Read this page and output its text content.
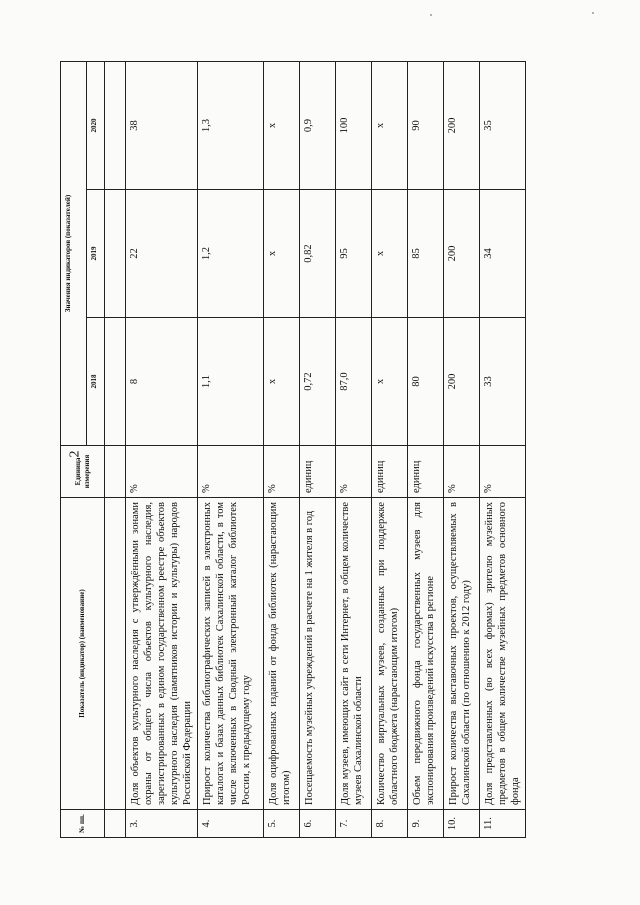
2
№ пп.	Показатель (индикатор) (наименование)	Единица измерения	Значения индикаторов (показателей)		
			2018	2019	2020

3.	Доля объектов культурного наследия с утверждёнными зонами охраны от общего числа объектов культурного наследия, зарегистрированных в едином государственном реестре объектов культурного наследия (памятников истории и культуры) народов Российской Федерации	%	8	22	38
4.	Прирост количества библиографических записей в электронных каталогах и базах данных библиотек Сахалинской области, в том числе включенных в Сводный электронный каталог библиотек России, к предыдущему году	%	1,1	1,2	1,3
5.	Доля оцифрованных изданий от фонда библиотек (нарастающим итогом)	%	х	х	х
6.	Посещаемость музейных учреждений в расчете на 1 жителя в год	единиц	0,72	0,82	0,9
7.	Доля музеев, имеющих сайт в сети Интернет, в общем количестве музеев Сахалинской области	%	87,0	95	100
8.	Количество виртуальных музеев, созданных при поддержке областного бюджета (нарастающим итогом)	единиц	х	х	х
9.	Объем передвижного фонда государственных музеев для экспонирования произведений искусства в регионе	единиц	80	85	90
10.	Прирост количества выставочных проектов, осуществляемых в Сахалинской области (по отношению к 2012 году)	%	200	200	200
11.	Доля представленных (во всех формах) зрителю музейных предметов в общем количестве музейных предметов основного фонда	%	33	34	35
